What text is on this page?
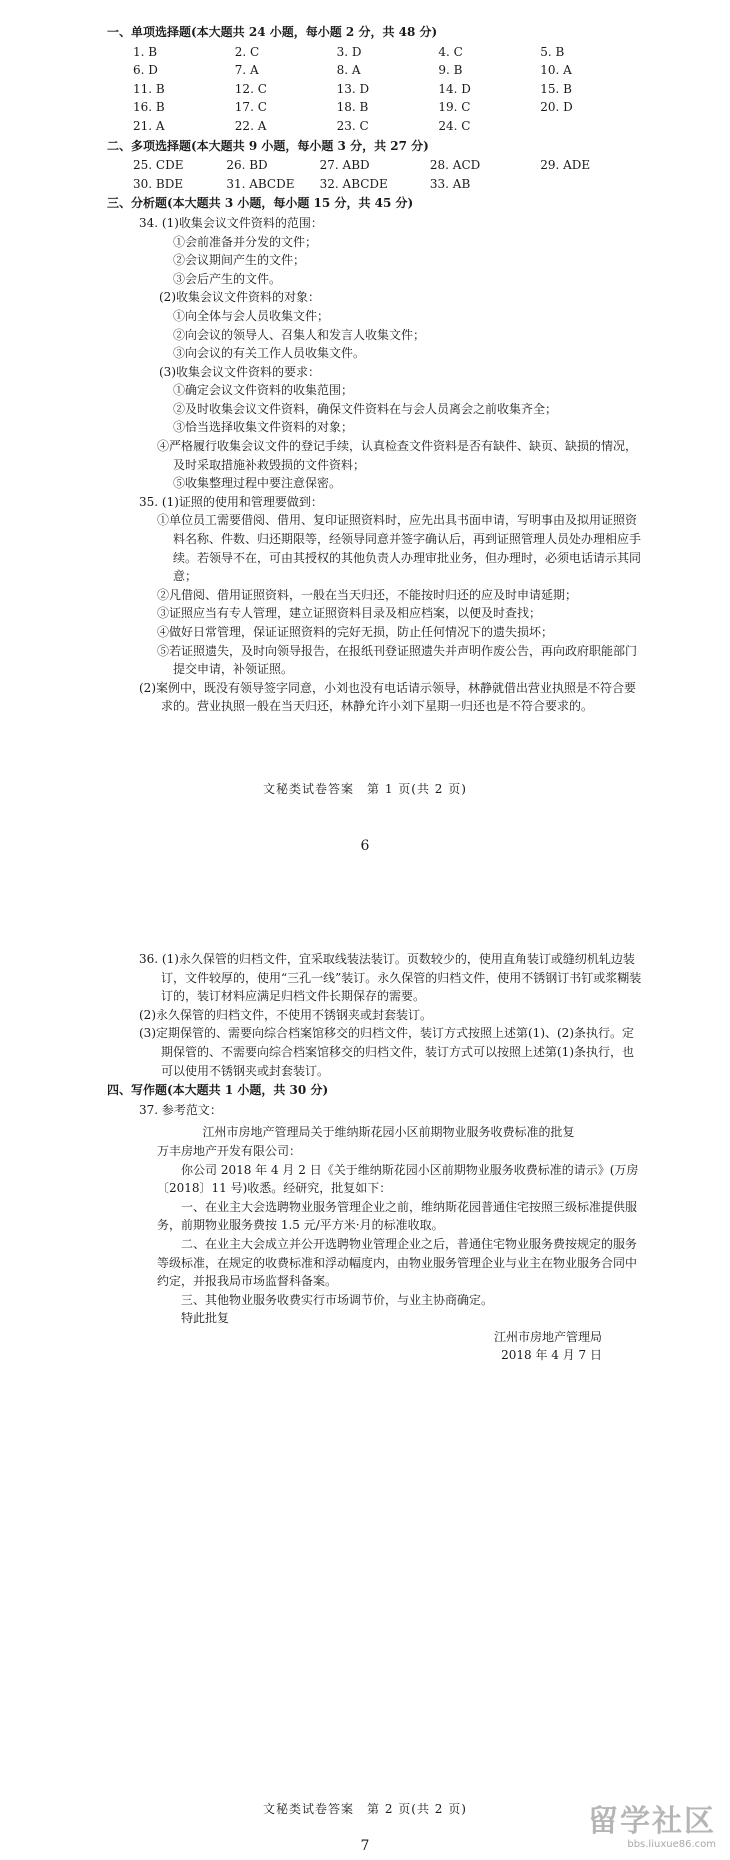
一、单项选择题(本大题共 24 小题，每小题 2 分，共 48 分)
1. B	2. C	3. D	4. C	5. B
6. D	7. A	8. A	9. B	10. A
11. B	12. C	13. D	14. D	15. B
16. B	17. C	18. B	19. C	20. D
21. A	22. A	23. C	24. C
二、多项选择题(本大题共 9 小题，每小题 3 分，共 27 分)
25. CDE	26. BD	27. ABD	28. ACD	29. ADE
30. BDE	31. ABCDE	32. ABCDE	33. AB
三、分析题(本大题共 3 小题，每小题 15 分，共 45 分)

34. (1)收集会议文件资料的范围：

①会前准备并分发的文件；

②会议期间产生的文件；

③会后产生的文件。

(2)收集会议文件资料的对象：

①向全体与会人员收集文件；

②向会议的领导人、召集人和发言人收集文件；

③向会议的有关工作人员收集文件。

(3)收集会议文件资料的要求：

①确定会议文件资料的收集范围；

②及时收集会议文件资料，确保文件资料在与会人员离会之前收集齐全；

③恰当选择收集文件资料的对象；

④严格履行收集会议文件的登记手续，认真检查文件资料是否有缺件、缺页、缺损的情况，及时采取措施补救毁损的文件资料；

⑤收集整理过程中要注意保密。

35. (1)证照的使用和管理要做到：

①单位员工需要借阅、借用、复印证照资料时，应先出具书面申请，写明事由及拟用证照资料名称、件数、归还期限等，经领导同意并签字确认后，再到证照管理人员处办理相应手续。若领导不在，可由其授权的其他负责人办理审批业务，但办理时，必须电话请示其同意；

②凡借阅、借用证照资料，一般在当天归还，不能按时归还的应及时申请延期；

③证照应当有专人管理，建立证照资料目录及相应档案，以便及时查找；

④做好日常管理，保证证照资料的完好无损，防止任何情况下的遗失损坏；

⑤若证照遗失，及时向领导报告，在报纸刊登证照遗失并声明作废公告，再向政府职能部门提交申请，补领证照。

(2)案例中，既没有领导签字同意，小刘也没有电话请示领导，林静就借出营业执照是不符合要求的。营业执照一般在当天归还，林静允许小刘下星期一归还也是不符合要求的。

文秘类试卷答案　第 1 页(共 2 页)
6

36. (1)永久保管的归档文件，宜采取线装法装订。页数较少的，使用直角装订或缝纫机轧边装订，文件较厚的，使用“三孔一线”装订。永久保管的归档文件，使用不锈钢订书钉或浆糊装订的，装订材料应满足归档文件长期保存的需要。

(2)永久保管的归档文件，不使用不锈钢夹或封套装订。

(3)定期保管的、需要向综合档案馆移交的归档文件，装订方式按照上述第(1)、(2)条执行。定期保管的、不需要向综合档案馆移交的归档文件，装订方式可以按照上述第(1)条执行，也可以使用不锈钢夹或封套装订。

四、写作题(本大题共 1 小题，共 30 分)

37. 参考范文：

江州市房地产管理局关于维纳斯花园小区前期物业服务收费标准的批复

万丰房地产开发有限公司：

你公司 2018 年 4 月 2 日《关于维纳斯花园小区前期物业服务收费标准的请示》(万房〔2018〕11 号)收悉。经研究，批复如下：

一、在业主大会选聘物业服务管理企业之前，维纳斯花园普通住宅按照三级标准提供服务，前期物业服务费按 1.5 元/平方米·月的标准收取。

二、在业主大会成立并公开选聘物业管理企业之后，普通住宅物业服务费按规定的服务等级标准，在规定的收费标准和浮动幅度内，由物业服务管理企业与业主在物业服务合同中约定，并报我局市场监督科备案。

三、其他物业服务收费实行市场调节价，与业主协商确定。

特此批复

江州市房地产管理局

2018 年 4 月 7 日

文秘类试卷答案　第 2 页(共 2 页)
7
留学社区
bbs.liuxue86.com
